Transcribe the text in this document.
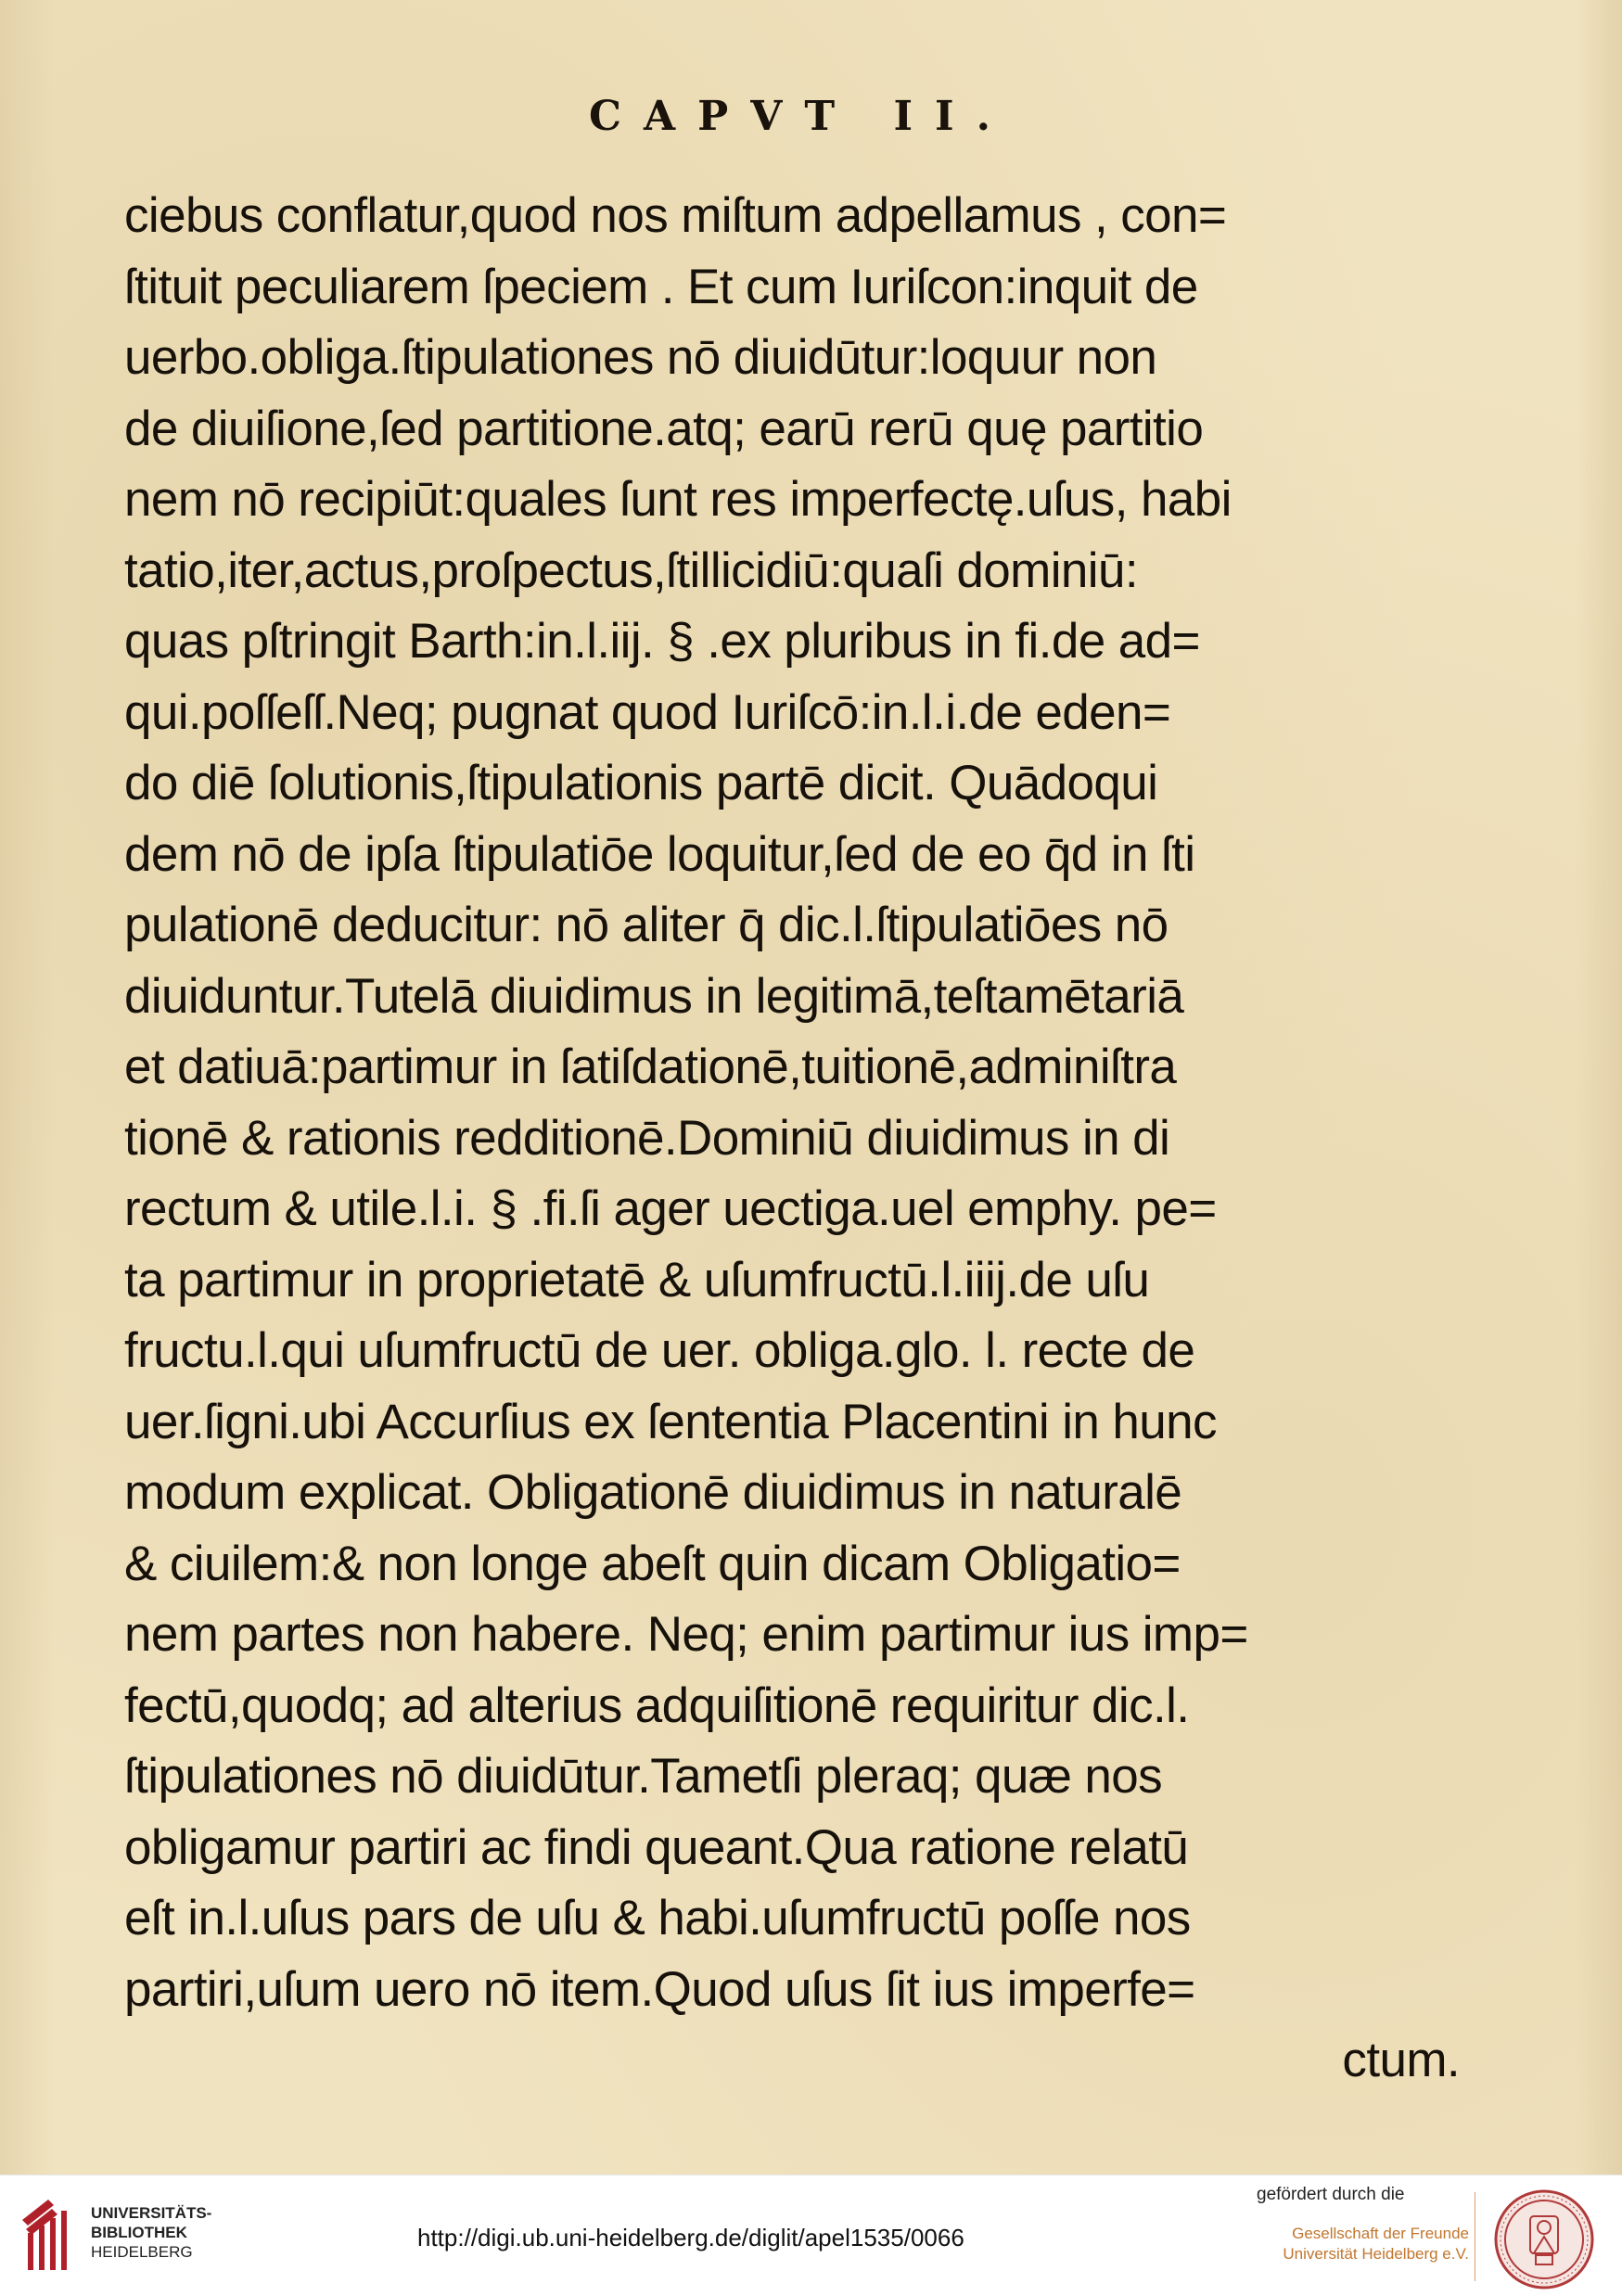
CAPVT II.
ciebus conflatur,quod nos miſtum adpellamus , con=
ſtituit peculiarem ſpeciem . Et cum Iuriſcon:inquit de
uerbo.obliga.ſtipulationes nō diuidūtur:loquur non
de diuiſione,ſed partitione.atq; earū rerū quę partitio
nem nō recipiūt:quales ſunt res imperfectę.uſus, habi
tatio,iter,actus,proſpectus,ſtillicidiū:quaſi dominiū:
quas pſtringit Barth:in.l.iij. § .ex pluribus in fi.de ad=
qui.poſſeſſ.Neq; pugnat quod Iuriſcō:in.l.i.de eden=
do diē ſolutionis,ſtipulationis partē dicit. Quādoqui
dem nō de ipſa ſtipulatiōe loquitur,ſed de eo q̄d in ſti
pulationē deducitur: nō aliter q̄ dic.l.ſtipulatiōes nō
diuiduntur.Tutelā diuidimus in legitimā,teſtamētariā
et datiuā:partimur in ſatiſdationē,tuitionē,adminiſtra
tionē & rationis redditionē.Dominiū diuidimus in di
rectum & utile.l.i. § .fi.ſi ager uectiga.uel emphy. pe=
ta partimur in proprietatē & uſumfructū.l.iiij.de uſu
fructu.l.qui uſumfructū de uer. obliga.glo. l. recte de
uer.ſigni.ubi Accurſius ex ſententia Placentini in hunc
modum explicat. Obligationē diuidimus in naturalē
& ciuilem:& non longe abeſt quin dicam Obligatio=
nem partes non habere. Neq; enim partimur ius imp=
fectū,quodq; ad alterius adquiſitionē requiritur dic.l.
ſtipulationes nō diuidūtur.Tametſi pleraq; quæ nos
obligamur partiri ac findi queant.Qua ratione relatū
eſt in.l.uſus pars de uſu & habi.uſumfructū poſſe nos
partiri,uſum uero nō item.Quod uſus ſit ius imperfe=
ctum.
UNIVERSITÄTS-
BIBLIOTHEK
HEIDELBERG
http://digi.ub.uni-heidelberg.de/diglit/apel1535/0066
gefördert durch die
Gesellschaft der Freunde
Universität Heidelberg e.V.
